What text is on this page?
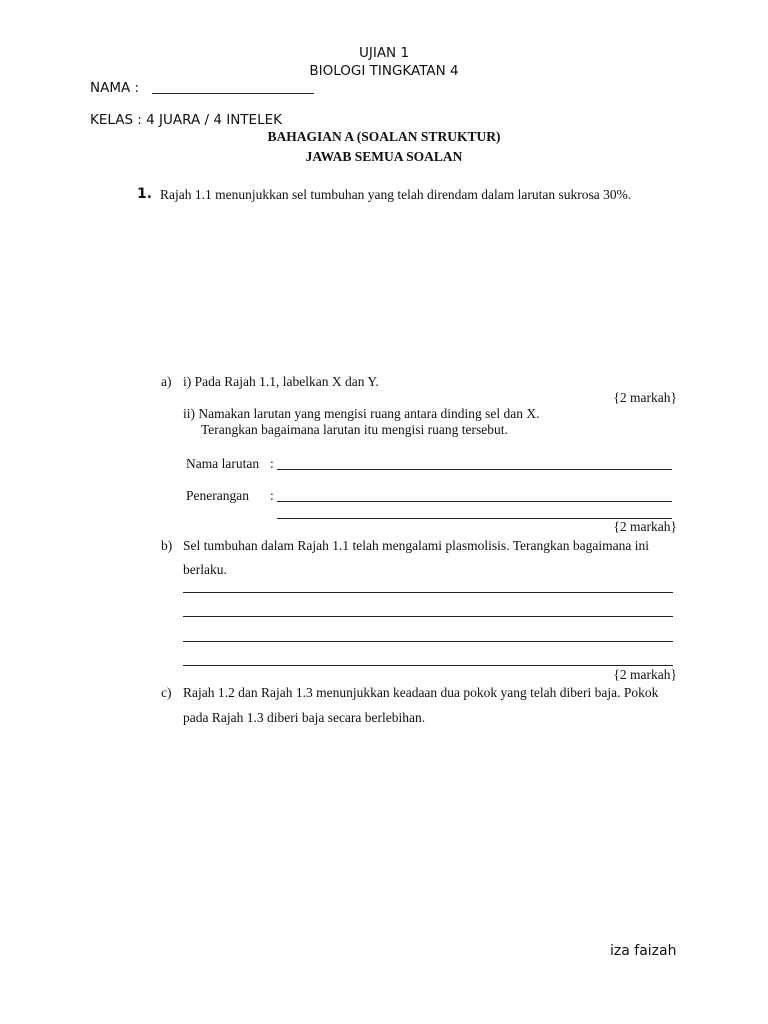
UJIAN 1
BIOLOGI TINGKATAN 4
NAMA :
KELAS : 4 JUARA / 4 INTELEK
BAHAGIAN A (SOALAN STRUKTUR)
JAWAB SEMUA SOALAN
1. Rajah 1.1 menunjukkan sel tumbuhan yang telah direndam dalam larutan sukrosa 30%.
a) i) Pada Rajah 1.1, labelkan X dan Y.
{2 markah}
ii) Namakan larutan yang mengisi ruang antara dinding sel dan X.
Terangkan bagaimana larutan itu mengisi ruang tersebut.
Nama larutan :
Penerangan :
{2 markah}
b) Sel tumbuhan dalam Rajah 1.1 telah mengalami plasmolisis. Terangkan bagaimana ini
berlaku.
{2 markah}
c) Rajah 1.2 dan Rajah 1.3 menunjukkan keadaan dua pokok yang telah diberi baja. Pokok
pada Rajah 1.3 diberi baja secara berlebihan.
iza faizah
